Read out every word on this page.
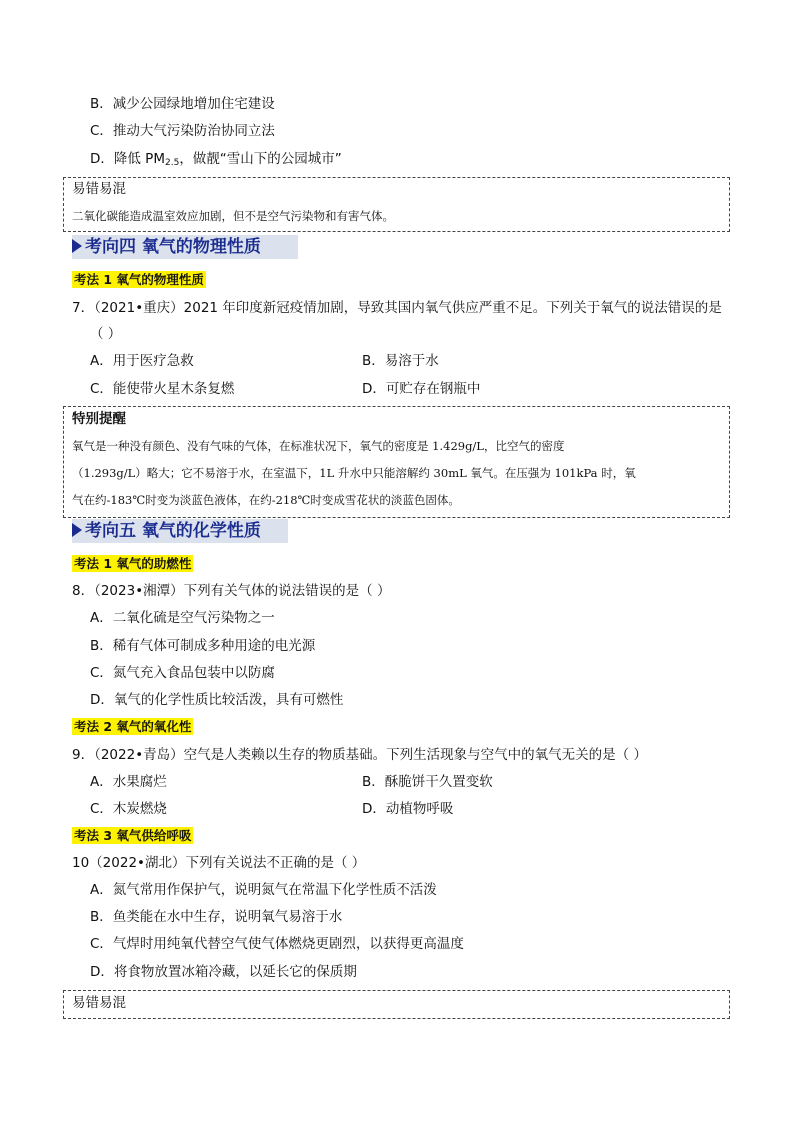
B．减少公园绿地增加住宅建设
C．推动大气污染防治协同立法
D．降低 $PM_{2.5}$，做靓“雪山下的公园城市”
易错易混
二氧化碳能造成温室效应加剧，但不是空气污染物和有害气体。
考向四 氧气的物理性质
考法 1 氧气的物理性质
7．（2021•重庆）2021 年印度新冠疫情加剧，导致其国内氧气供应严重不足。下列关于氧气的说法错误的是
（ ）
A．用于医疗急救	B．易溶于水
C．能使带火星木条复燃	D．可贮存在钢瓶中
特别提醒
氧气是一种没有颜色、没有气味的气体，在标准状况下，氧气的密度是 1.429g/L，比空气的密度
（1.293g/L）略大；它不易溶于水，在室温下，1L 升水中只能溶解约 30mL 氧气。在压强为 101kPa 时，氧
气在约-183℃时变为淡蓝色液体，在约-218℃时变成雪花状的淡蓝色固体。
考向五 氧气的化学性质
考法 1 氧气的助燃性
8．（2023•湘潭）下列有关气体的说法错误的是（ ）
A．二氧化硫是空气污染物之一
B．稀有气体可制成多种用途的电光源
C．氮气充入食品包装中以防腐
D．氧气的化学性质比较活泼，具有可燃性
考法 2 氧气的氧化性
9．（2022•青岛）空气是人类赖以生存的物质基础。下列生活现象与空气中的氧气无关的是（ ）
A．水果腐烂	B．酥脆饼干久置变软
C．木炭燃烧	D．动植物呼吸
考法 3 氧气供给呼吸
10（2022•湖北）下列有关说法不正确的是（ ）
A．氮气常用作保护气，说明氮气在常温下化学性质不活泼
B．鱼类能在水中生存，说明氧气易溶于水
C．气焊时用纯氧代替空气使气体燃烧更剧烈，以获得更高温度
D．将食物放置冰箱冷藏，以延长它的保质期
易错易混
